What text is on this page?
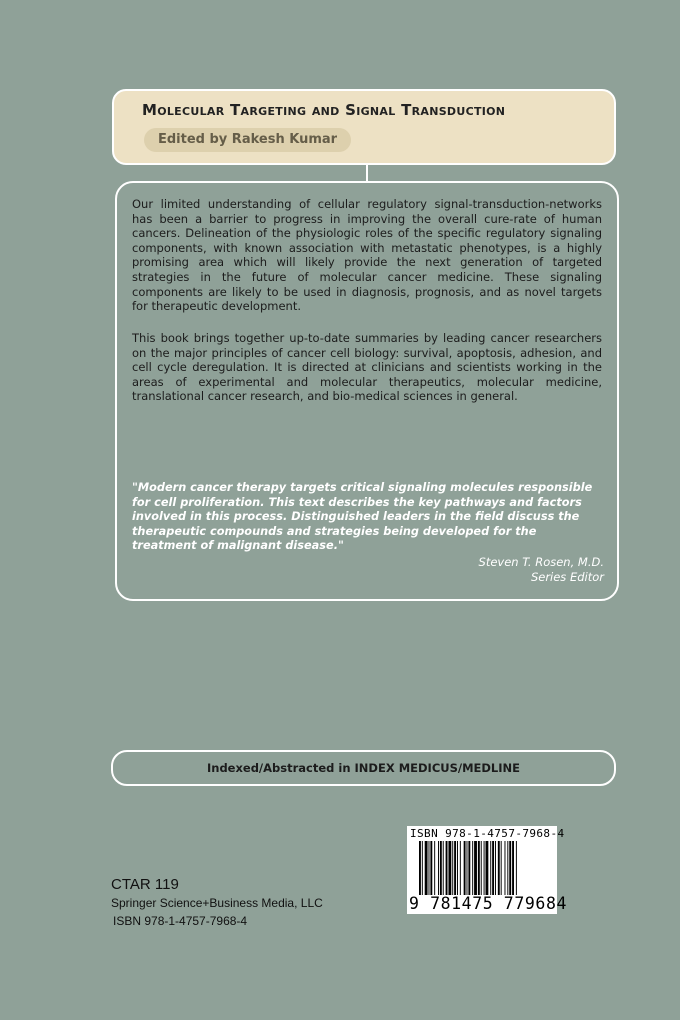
Molecular Targeting and Signal Transduction
Edited by Rakesh Kumar

Our limited understanding of cellular regulatory signal-transduction-networks has been a barrier to progress in improving the overall cure-rate of human cancers. Delineation of the physiologic roles of the specific regulatory signaling components, with known association with metastatic phenotypes, is a highly promising area which will likely provide the next generation of targeted strategies in the future of molecular cancer medicine. These signaling components are likely to be used in diagnosis, prognosis, and as novel targets for therapeutic development.

This book brings together up-to-date summaries by leading cancer researchers on the major principles of cancer cell biology: survival, apoptosis, adhesion, and cell cycle deregulation. It is directed at clinicians and scientists working in the areas of experimental and molecular therapeutics, molecular medicine, translational cancer research, and bio-medical sciences in general.

"Modern cancer therapy targets critical signaling molecules responsible for cell proliferation. This text describes the key pathways and factors involved in this process. Distinguished leaders in the field discuss the therapeutic compounds and strategies being developed for the treatment of malignant disease."

Steven T. Rosen, M.D.
Series Editor
Indexed/Abstracted in INDEX MEDICUS/MEDLINE
ISBN 978-1-4757-7968-4
9 781475 779684
CTAR 119
Springer Science+Business Media, LLC
ISBN 978-1-4757-7968-4
